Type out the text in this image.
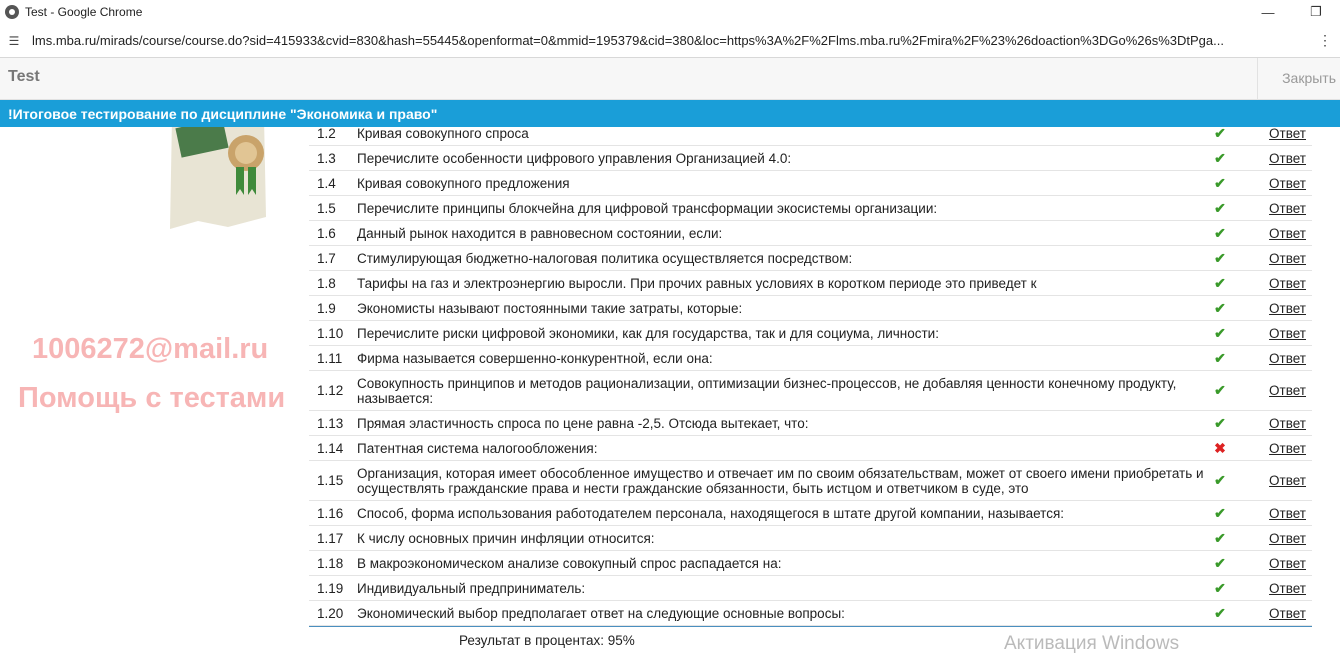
Test - Google Chrome	—	❐
☰ lms.mba.ru/mirads/course/course.do?sid=415933&cvid=830&hash=55445&openformat=0&mmid=195379&cid=380&loc=https%3A%2F%2Flms.mba.ru%2Fmira%2F%23%26doaction%3DGo%26s%3DtPga...	⋮
Test	Закрыть
!Итоговое тестирование по дисциплине "Экономика и право"
1006272@mail.ru
Помощь с тестами
1.2	Кривая совокупного спроса	✔	Ответ
1.3	Перечислите особенности цифрового управления Организацией 4.0:	✔	Ответ
1.4	Кривая совокупного предложения	✔	Ответ
1.5	Перечислите принципы блокчейна для цифровой трансформации экосистемы организации:	✔	Ответ
1.6	Данный рынок находится в равновесном состоянии, если:	✔	Ответ
1.7	Стимулирующая бюджетно-налоговая политика осуществляется посредством:	✔	Ответ
1.8	Тарифы на газ и электроэнергию выросли. При прочих равных условиях в коротком периоде это приведет к	✔	Ответ
1.9	Экономисты называют постоянными такие затраты, которые:	✔	Ответ
1.10	Перечислите риски цифровой экономики, как для государства, так и для социума, личности:	✔	Ответ
1.11	Фирма называется совершенно-конкурентной, если она:	✔	Ответ
1.12	Совокупность принципов и методов рационализации, оптимизации бизнес-процессов, не добавляя ценности конечному продукту, называется:	✔	Ответ
1.13	Прямая эластичность спроса по цене равна -2,5. Отсюда вытекает, что:	✔	Ответ
1.14	Патентная система налогообложения:	✖	Ответ
1.15	Организация, которая имеет обособленное имущество и отвечает им по своим обязательствам, может от своего имени приобретать и осуществлять гражданские права и нести гражданские обязанности, быть истцом и ответчиком в суде, это	✔	Ответ
1.16	Способ, форма использования работодателем персонала, находящегося в штате другой компании, называется:	✔	Ответ
1.17	К числу основных причин инфляции относится:	✔	Ответ
1.18	В макроэкономическом анализе совокупный спрос распадается на:	✔	Ответ
1.19	Индивидуальный предприниматель:	✔	Ответ
1.20	Экономический выбор предполагает ответ на следующие основные вопросы:	✔	Ответ
Результат в процентах: 95%	Активация Windows
